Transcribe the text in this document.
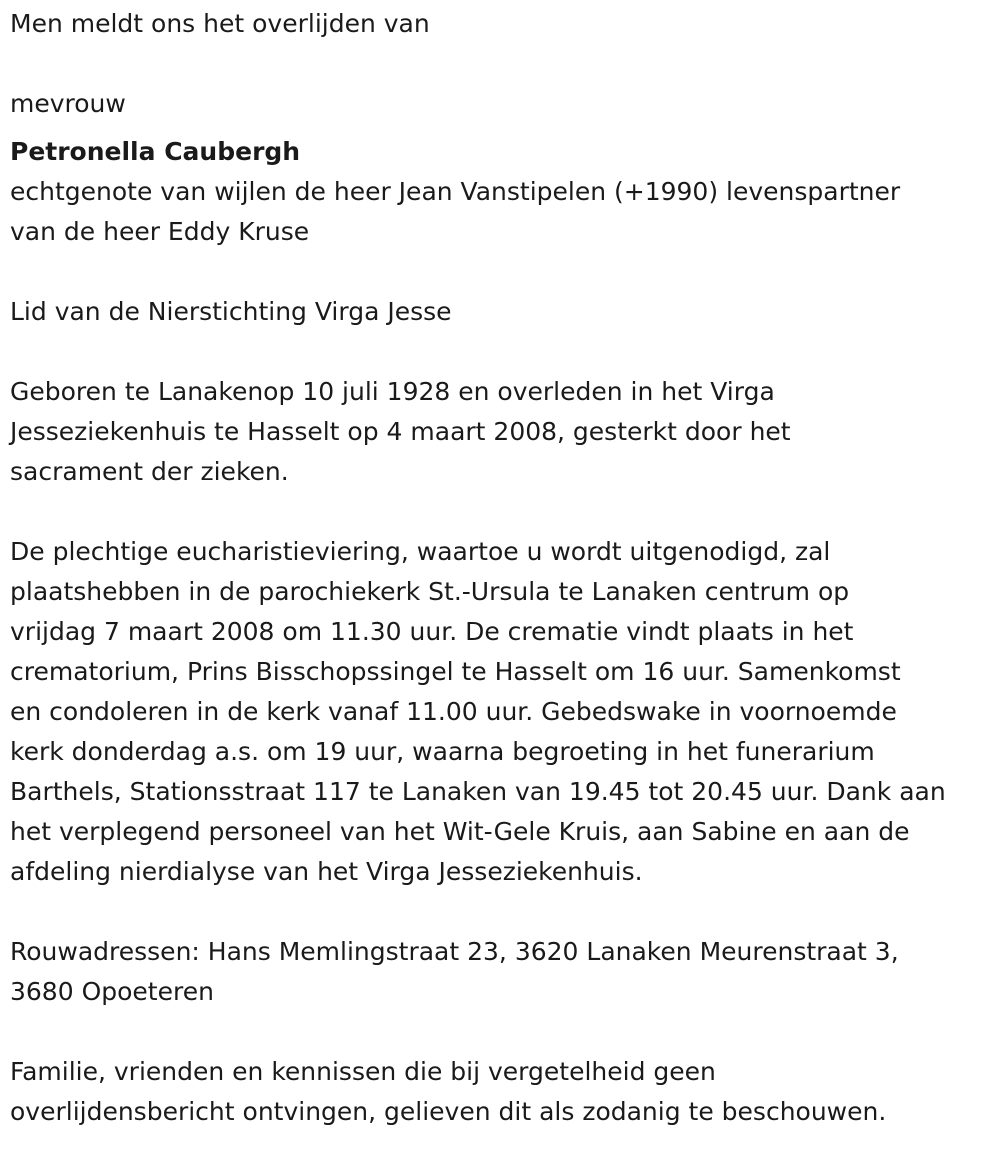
Men meldt ons het overlijden van

mevrouw

Petronella Caubergh

echtgenote van wijlen de heer Jean Vanstipelen (+1990) levenspartner

van de heer Eddy Kruse

Lid van de Nierstichting Virga Jesse

Geboren te Lanakenop 10 juli 1928 en overleden in het Virga

Jesseziekenhuis te Hasselt op 4 maart 2008, gesterkt door het

sacrament der zieken.

De plechtige eucharistieviering, waartoe u wordt uitgenodigd, zal

plaatshebben in de parochiekerk St.-Ursula te Lanaken centrum op

vrijdag 7 maart 2008 om 11.30 uur. De crematie vindt plaats in het

crematorium, Prins Bisschopssingel te Hasselt om 16 uur. Samenkomst

en condoleren in de kerk vanaf 11.00 uur. Gebedswake in voornoemde

kerk donderdag a.s. om 19 uur, waarna begroeting in het funerarium

Barthels, Stationsstraat 117 te Lanaken van 19.45 tot 20.45 uur. Dank aan

het verplegend personeel van het Wit-Gele Kruis, aan Sabine en aan de

afdeling nierdialyse van het Virga Jesseziekenhuis.

Rouwadressen: Hans Memlingstraat 23, 3620 Lanaken Meurenstraat 3,

3680 Opoeteren

Familie, vrienden en kennissen die bij vergetelheid geen

overlijdensbericht ontvingen, gelieven dit als zodanig te beschouwen.
